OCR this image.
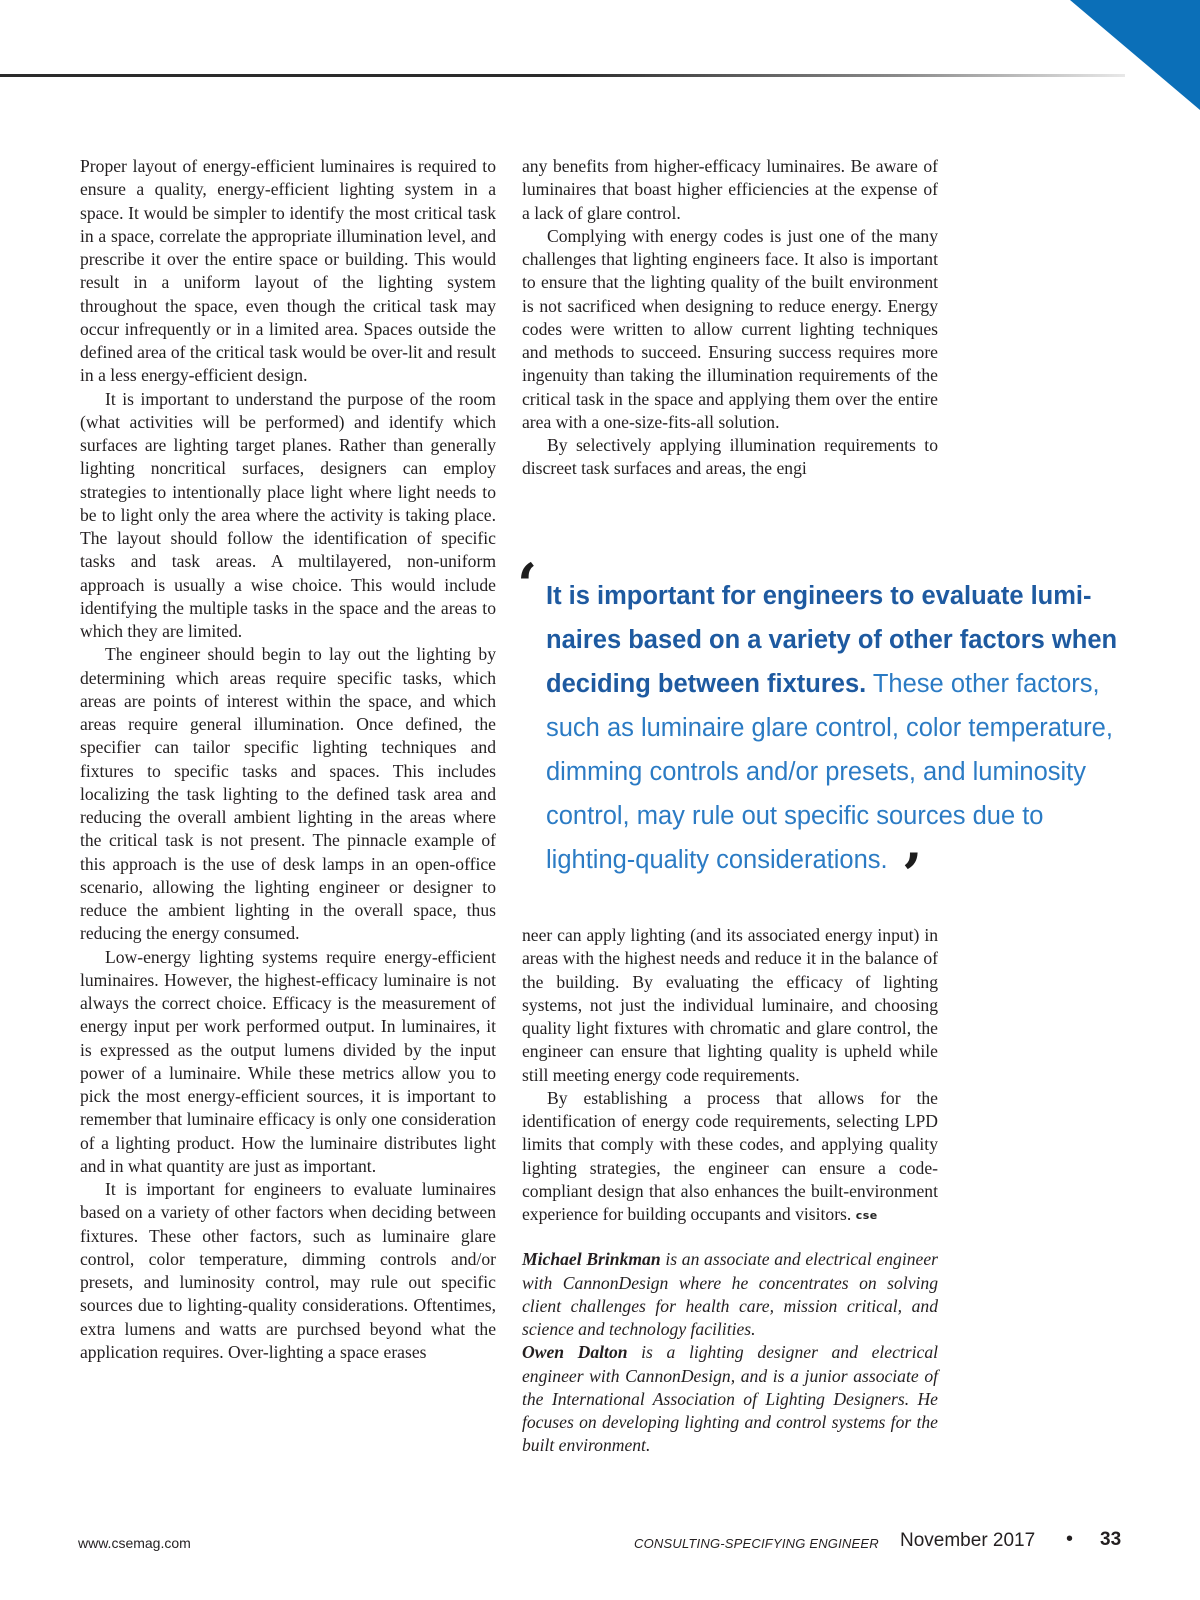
Proper layout of energy-efficient luminaires is required to ensure a quality, energy-efficient lighting system in a space. It would be simpler to identify the most critical task in a space, correlate the appropriate illumination level, and prescribe it over the entire space or building. This would result in a uniform layout of the lighting system throughout the space, even though the critical task may occur infrequently or in a limited area. Spaces outside the defined area of the critical task would be over-lit and result in a less energy-efficient design.

It is important to understand the purpose of the room (what activities will be performed) and identify which surfaces are lighting target planes. Rather than generally lighting noncritical surfaces, designers can employ strategies to intentionally place light where light needs to be to light only the area where the activity is taking place. The layout should follow the identification of specific tasks and task areas. A multilayered, non-uniform approach is usually a wise choice. This would include identifying the multiple tasks in the space and the areas to which they are limited.

The engineer should begin to lay out the lighting by determining which areas require specific tasks, which areas are points of interest within the space, and which areas require general illumination. Once defined, the specifier can tailor specific lighting techniques and fixtures to specific tasks and spaces. This includes localizing the task lighting to the defined task area and reducing the overall ambient lighting in the areas where the critical task is not present. The pinnacle example of this approach is the use of desk lamps in an open-office scenario, allowing the lighting engineer or designer to reduce the ambient lighting in the overall space, thus reducing the energy consumed.

Low-energy lighting systems require energy-efficient luminaires. However, the highest-efficacy luminaire is not always the correct choice. Efficacy is the measurement of energy input per work performed output. In luminaires, it is expressed as the output lumens divided by the input power of a luminaire. While these metrics allow you to pick the most energy-efficient sources, it is important to remember that luminaire efficacy is only one consideration of a lighting product. How the luminaire distributes light and in what quantity are just as important.

It is important for engineers to evaluate luminaires based on a variety of other factors when deciding between fixtures. These other factors, such as luminaire glare control, color temperature, dimming controls and/or presets, and luminosity control, may rule out specific sources due to lighting-quality considerations. Oftentimes, extra lumens and watts are purchsed beyond what the application requires. Over-lighting a space erases

any benefits from higher-efficacy luminaires. Be aware of luminaires that boast higher efficiencies at the expense of a lack of glare control.

Complying with energy codes is just one of the many challenges that lighting engineers face. It also is important to ensure that the lighting quality of the built environment is not sacrificed when designing to reduce energy. Energy codes were written to allow current lighting techniques and methods to succeed. Ensuring success requires more ingenuity than taking the illumination requirements of the critical task in the space and applying them over the entire area with a one-size-fits-all solution.

By selectively applying illumination requirements to discreet task surfaces and areas, the engi

‘ It is important for engineers to evaluate luminaires based on a variety of other factors when deciding between fixtures. These other factors, such as luminaire glare control, color temperature, dimming controls and/or presets, and luminosity control, may rule out specific sources due to lighting-quality considerations. ’

neer can apply lighting (and its associated energy input) in areas with the highest needs and reduce it in the balance of the building. By evaluating the efficacy of lighting systems, not just the individual luminaire, and choosing quality light fixtures with chromatic and glare control, the engineer can ensure that lighting quality is upheld while still meeting energy code requirements.

By establishing a process that allows for the identification of energy code requirements, selecting LPD limits that comply with these codes, and applying quality lighting strategies, the engineer can ensure a code-compliant design that also enhances the built-environment experience for building occupants and visitors. cse

Michael Brinkman is an associate and electrical engineer with CannonDesign where he concentrates on solving client challenges for health care, mission critical, and science and technology facilities.

Owen Dalton is a lighting designer and electrical engineer with CannonDesign, and is a junior associate of the International Association of Lighting Designers. He focuses on developing lighting and control systems for the built environment.

www.csemag.com	CONSULTING-SPECIFYING ENGINEER November 2017 • 33
